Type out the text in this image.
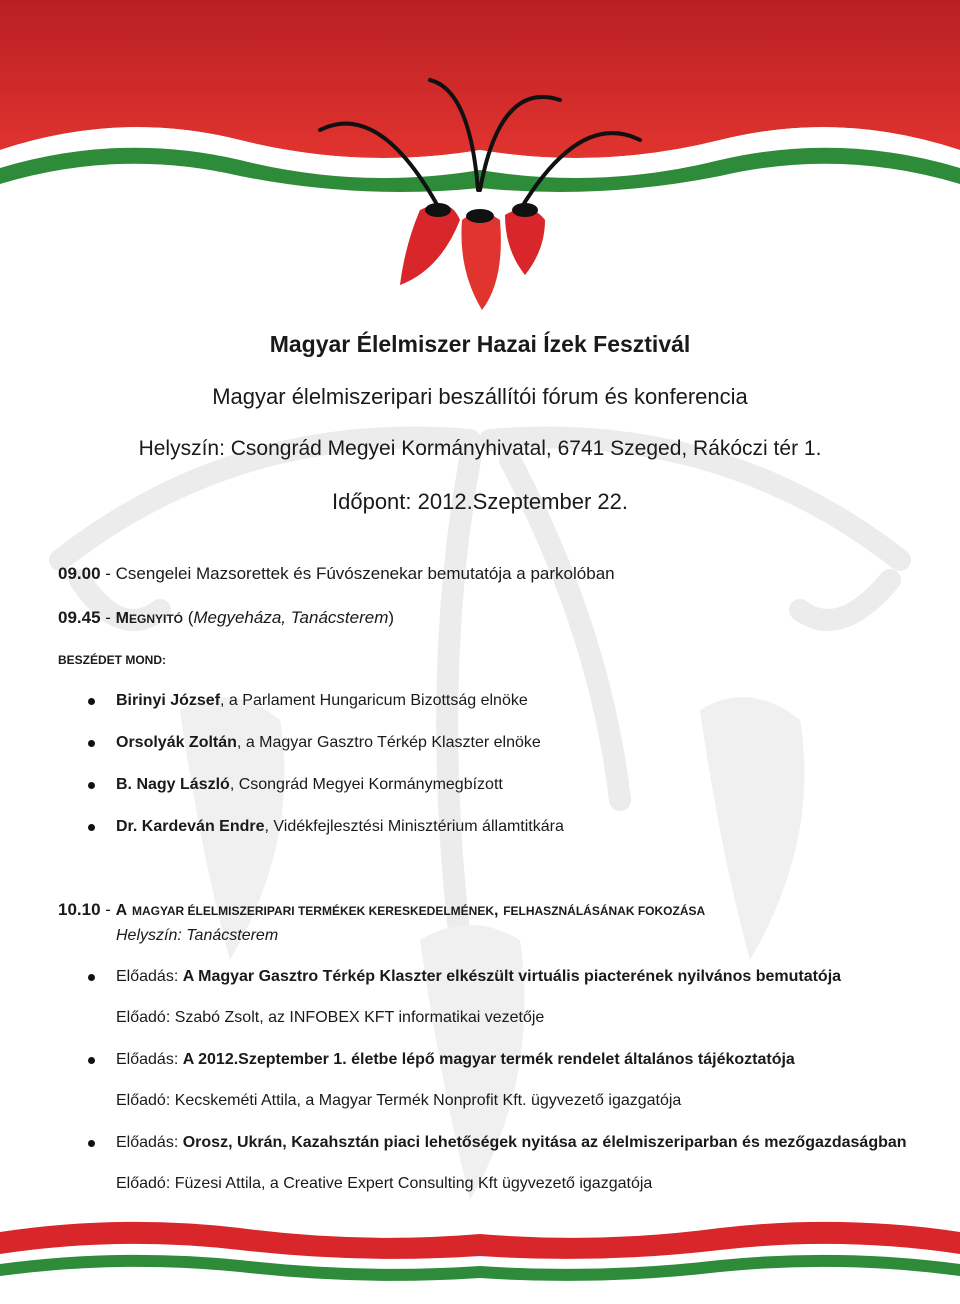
Magyar Élelmiszer Hazai Ízek Fesztivál
Magyar élelmiszeripari beszállítói fórum és konferencia
Helyszín: Csongrád Megyei Kormányhivatal, 6741 Szeged, Rákóczi tér 1.
Időpont: 2012.Szeptember 22.
09.00 - Csengelei Mazsorettek és Fúvószenekar bemutatója a parkolóban
09.45 - MEGNYITÓ (Megyeháza, Tanácsterem)
BESZÉDET MOND:
Birinyi József, a Parlament Hungaricum Bizottság elnöke
Orsolyák Zoltán, a Magyar Gasztro Térkép Klaszter elnöke
B. Nagy László, Csongrád Megyei Kormánymegbízott
Dr. Kardeván Endre, Vidékfejlesztési Minisztérium államtitkára
10.10 - A MAGYAR ÉLELMISZERIPARI TERMÉKEK KERESKEDELMÉNEK, FELHASZNÁLÁSÁNAK FOKOZÁSA
Helyszín: Tanácsterem
Előadás: A Magyar Gasztro Térkép Klaszter elkészült virtuális piacterének nyilvános bemutatója
Előadó: Szabó Zsolt, az INFOBEX KFT informatikai vezetője
Előadás: A 2012.Szeptember 1. életbe lépő magyar termék rendelet általános tájékoztatója
Előadó: Kecskeméti Attila, a Magyar Termék Nonprofit Kft. ügyvezető igazgatója
Előadás: Orosz, Ukrán, Kazahsztán piaci lehetőségek nyitása az élelmiszeriparban és mezőgazdaságban
Előadó: Füzesi Attila, a Creative Expert Consulting Kft ügyvezető igazgatója
